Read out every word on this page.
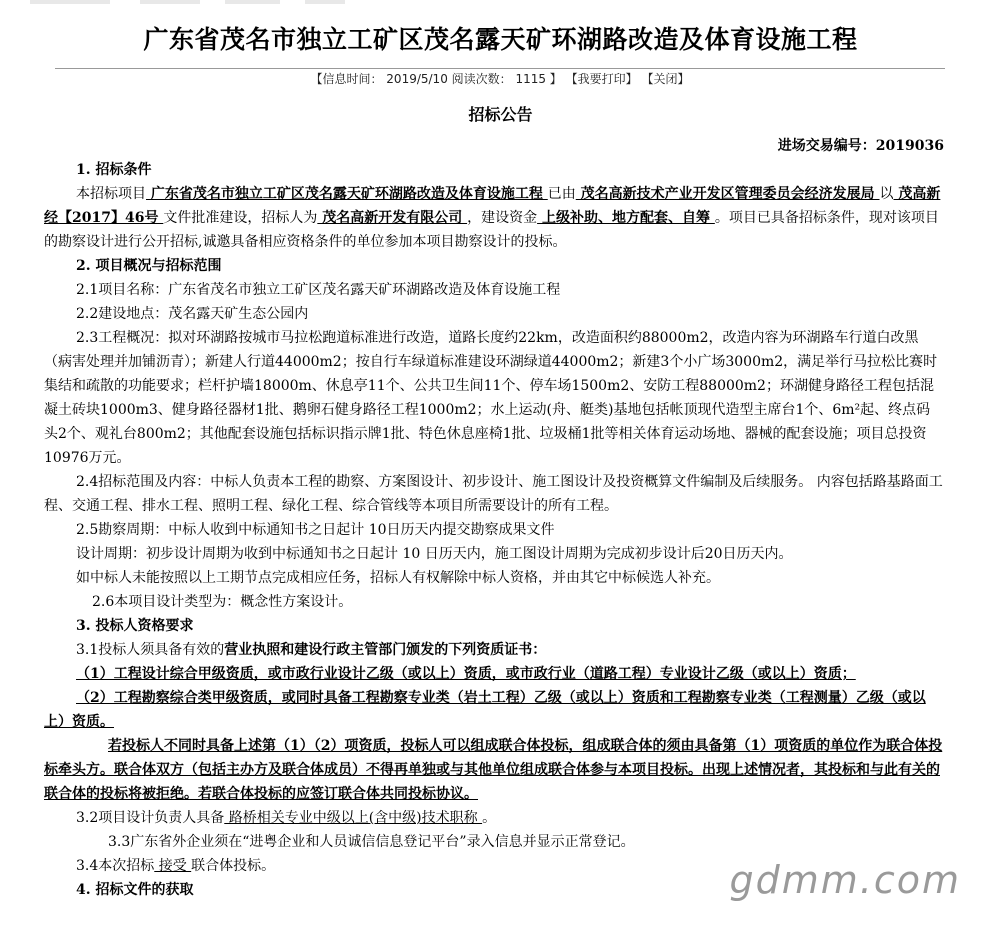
广东省茂名市独立工矿区茂名露天矿环湖路改造及体育设施工程
【信息时间： 2019/5/10 阅读次数： 1115 】 【我要打印】 【关闭】
招标公告

进场交易编号：2019036

1. 招标条件

本招标项目 广东省茂名市独立工矿区茂名露天矿环湖路改造及体育设施工程 已由 茂名高新技术产业开发区管理委员会经济发展局 以 茂高新经【2017】46号 文件批准建设，招标人为 茂名高新开发有限公司 ，建设资金 上级补助、地方配套、自筹 。项目已具备招标条件，现对该项目的勘察设计进行公开招标,诚邀具备相应资格条件的单位参加本项目勘察设计的投标。

2. 项目概况与招标范围

2.1项目名称：广东省茂名市独立工矿区茂名露天矿环湖路改造及体育设施工程

2.2建设地点：茂名露天矿生态公园内

2.3工程概况：拟对环湖路按城市马拉松跑道标准进行改造，道路长度约22km，改造面积约88000m2，改造内容为环湖路车行道白改黑（病害处理并加铺沥青）；新建人行道44000m2；按自行车绿道标准建设环湖绿道44000m2；新建3个小广场3000m2，满足举行马拉松比赛时集结和疏散的功能要求；栏杆护墙18000m、休息亭11个、公共卫生间11个、停车场1500m2、安防工程88000m2；环湖健身路径工程包括混凝土砖块1000m3、健身路径器材1批、鹅卵石健身路径工程1000m2；水上运动(舟、艇类)基地包括帐顶现代造型主席台1个、6m²起、终点码头2个、观礼台800m2；其他配套设施包括标识指示牌1批、特色休息座椅1批、垃圾桶1批等相关体育运动场地、器械的配套设施；项目总投资10976万元。

2.4招标范围及内容：中标人负责本工程的勘察、方案图设计、初步设计、施工图设计及投资概算文件编制及后续服务。 内容包括路基路面工程、交通工程、排水工程、照明工程、绿化工程、综合管线等本项目所需要设计的所有工程。

2.5勘察周期：中标人收到中标通知书之日起计 10日历天内提交勘察成果文件

设计周期：初步设计周期为收到中标通知书之日起计 10 日历天内，施工图设计周期为完成初步设计后20日历天内。

如中标人未能按照以上工期节点完成相应任务，招标人有权解除中标人资格，并由其它中标候选人补充。

2.6本项目设计类型为：概念性方案设计。

3. 投标人资格要求

3.1投标人须具备有效的营业执照和建设行政主管部门颁发的下列资质证书：

（1）工程设计综合甲级资质，或市政行业设计乙级（或以上）资质，或市政行业（道路工程）专业设计乙级（或以上）资质；

（2）工程勘察综合类甲级资质，或同时具备工程勘察专业类（岩土工程）乙级（或以上）资质和工程勘察专业类（工程测量）乙级（或以上）资质。

若投标人不同时具备上述第（1）（2）项资质，投标人可以组成联合体投标，组成联合体的须由具备第（1）项资质的单位作为联合体投标牵头方。联合体双方（包括主办方及联合体成员）不得再单独或与其他单位组成联合体参与本项目投标。出现上述情况者，其投标和与此有关的联合体的投标将被拒绝。若联合体投标的应签订联合体共同投标协议。

3.2项目设计负责人具备 路桥相关专业中级以上(含中级)技术职称 。

3.3广东省外企业须在“进粤企业和人员诚信信息登记平台”录入信息并显示正常登记。

3.4本次招标 接受 联合体投标。

4. 招标文件的获取	gdmm.com
